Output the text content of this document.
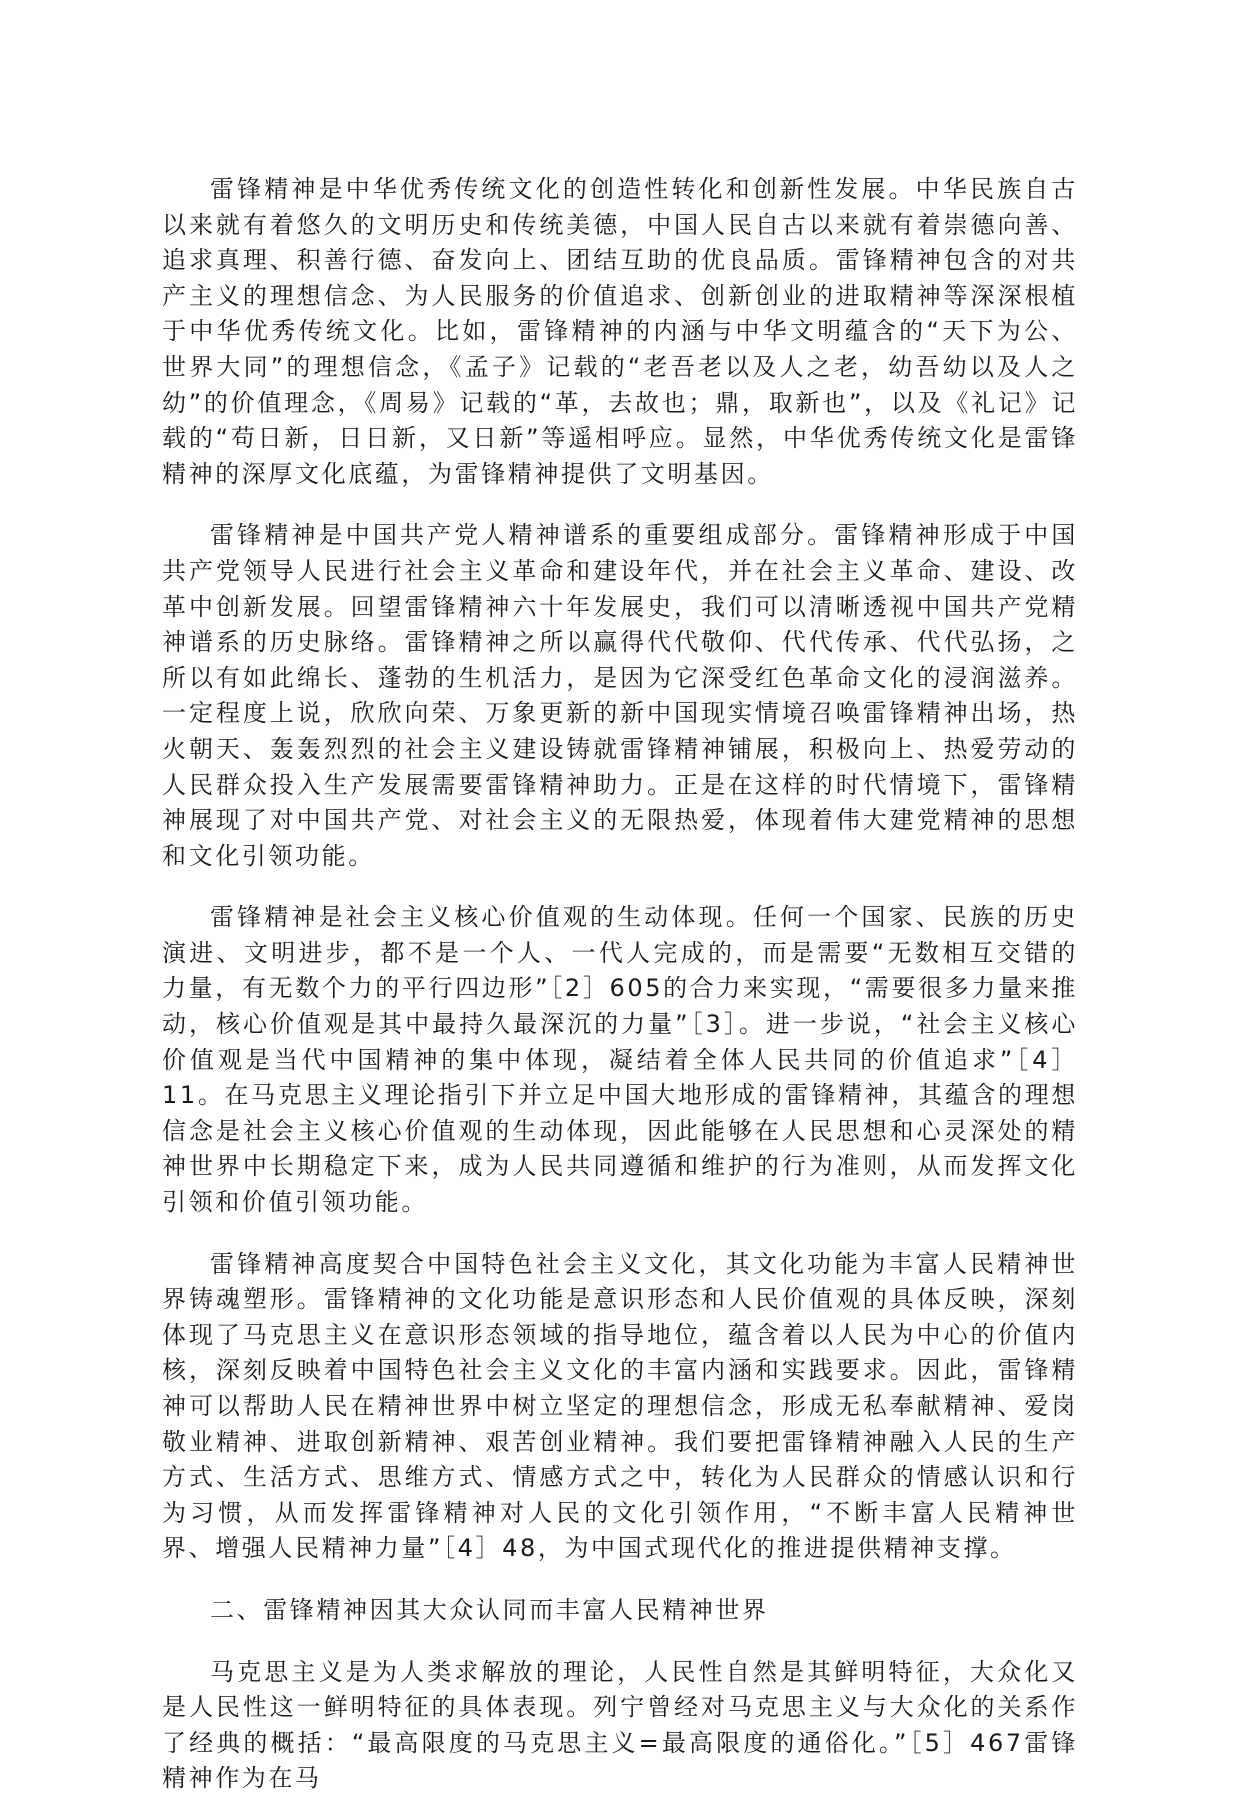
雷锋精神是中华优秀传统文化的创造性转化和创新性发展。中华民族自古以来就有着悠久的文明历史和传统美德，中国人民自古以来就有着崇德向善、追求真理、积善行德、奋发向上、团结互助的优良品质。雷锋精神包含的对共产主义的理想信念、为人民服务的价值追求、创新创业的进取精神等深深根植于中华优秀传统文化。比如，雷锋精神的内涵与中华文明蕴含的“天下为公、世界大同”的理想信念，《孟子》记载的“老吾老以及人之老，幼吾幼以及人之幼”的价值理念，《周易》记载的“革，去故也；鼎，取新也”，以及《礼记》记载的“苟日新，日日新，又日新”等遥相呼应。显然，中华优秀传统文化是雷锋精神的深厚文化底蕴，为雷锋精神提供了文明基因。

雷锋精神是中国共产党人精神谱系的重要组成部分。雷锋精神形成于中国共产党领导人民进行社会主义革命和建设年代，并在社会主义革命、建设、改革中创新发展。回望雷锋精神六十年发展史，我们可以清晰透视中国共产党精神谱系的历史脉络。雷锋精神之所以赢得代代敬仰、代代传承、代代弘扬，之所以有如此绵长、蓬勃的生机活力，是因为它深受红色革命文化的浸润滋养。一定程度上说，欣欣向荣、万象更新的新中国现实情境召唤雷锋精神出场，热火朝天、轰轰烈烈的社会主义建设铸就雷锋精神铺展，积极向上、热爱劳动的人民群众投入生产发展需要雷锋精神助力。正是在这样的时代情境下，雷锋精神展现了对中国共产党、对社会主义的无限热爱，体现着伟大建党精神的思想和文化引领功能。

雷锋精神是社会主义核心价值观的生动体现。任何一个国家、民族的历史演进、文明进步，都不是一个人、一代人完成的，而是需要“无数相互交错的力量，有无数个力的平行四边形”［2］605的合力来实现，“需要很多力量来推动，核心价值观是其中最持久最深沉的力量”［3］。进一步说，“社会主义核心价值观是当代中国精神的集中体现，凝结着全体人民共同的价值追求”［4］11。在马克思主义理论指引下并立足中国大地形成的雷锋精神，其蕴含的理想信念是社会主义核心价值观的生动体现，因此能够在人民思想和心灵深处的精神世界中长期稳定下来，成为人民共同遵循和维护的行为准则，从而发挥文化引领和价值引领功能。

雷锋精神高度契合中国特色社会主义文化，其文化功能为丰富人民精神世界铸魂塑形。雷锋精神的文化功能是意识形态和人民价值观的具体反映，深刻体现了马克思主义在意识形态领域的指导地位，蕴含着以人民为中心的价值内核，深刻反映着中国特色社会主义文化的丰富内涵和实践要求。因此，雷锋精神可以帮助人民在精神世界中树立坚定的理想信念，形成无私奉献精神、爱岗敬业精神、进取创新精神、艰苦创业精神。我们要把雷锋精神融入人民的生产方式、生活方式、思维方式、情感方式之中，转化为人民群众的情感认识和行为习惯，从而发挥雷锋精神对人民的文化引领作用，“不断丰富人民精神世界、增强人民精神力量”［4］48，为中国式现代化的推进提供精神支撑。

二、雷锋精神因其大众认同而丰富人民精神世界

马克思主义是为人类求解放的理论，人民性自然是其鲜明特征，大众化又是人民性这一鲜明特征的具体表现。列宁曾经对马克思主义与大众化的关系作了经典的概括：“最高限度的马克思主义=最高限度的通俗化。”［5］467雷锋精神作为在马
